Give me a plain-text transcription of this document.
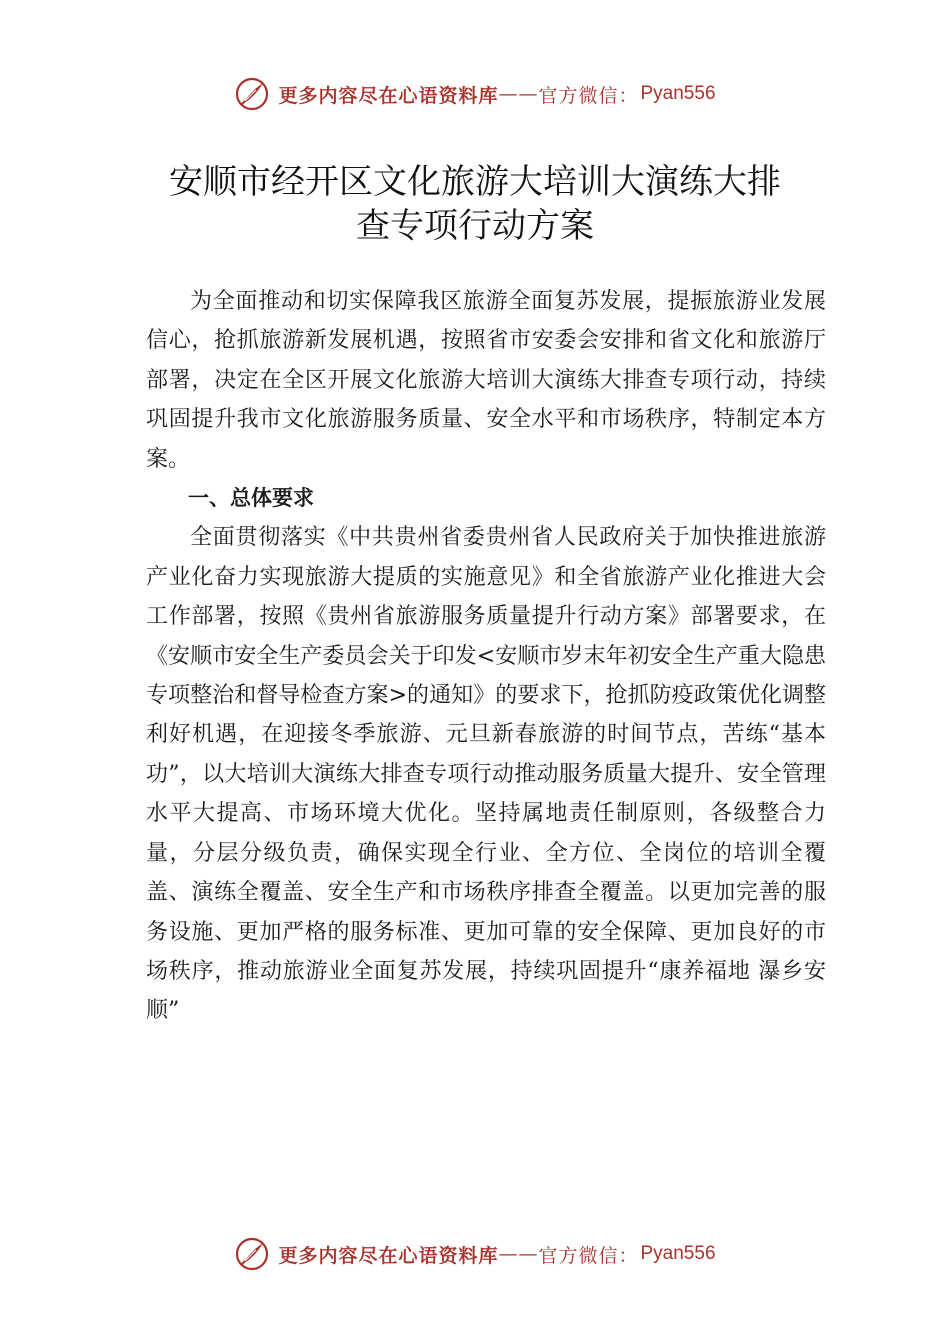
更多内容尽在心语资料库 —— 官方微信： Pyan556
安顺市经开区文化旅游大培训大演练大排
查专项行动方案

为全面推动和切实保障我区旅游全面复苏发展，提振旅游业发展信心，抢抓旅游新发展机遇，按照省市安委会安排和省文化和旅游厅部署，决定在全区开展文化旅游大培训大演练大排查专项行动，持续巩固提升我市文化旅游服务质量、安全水平和市场秩序，特制定本方案。

一、总体要求

全面贯彻落实《中共贵州省委贵州省人民政府关于加快推进旅游产业化奋力实现旅游大提质的实施意见》和全省旅游产业化推进大会工作部署，按照《贵州省旅游服务质量提升行动方案》部署要求，在《安顺市安全生产委员会关于印发<安顺市岁末年初安全生产重大隐患专项整治和督导检查方案>的通知》的要求下，抢抓防疫政策优化调整利好机遇，在迎接冬季旅游、元旦新春旅游的时间节点，苦练“基本功”，以大培训大演练大排查专项行动推动服务质量大提升、安全管理水平大提高、市场环境大优化。坚持属地责任制原则，各级整合力量，分层分级负责，确保实现全行业、全方位、全岗位的培训全覆盖、演练全覆盖、安全生产和市场秩序排查全覆盖。以更加完善的服务设施、更加严格的服务标准、更加可靠的安全保障、更加良好的市场秩序，推动旅游业全面复苏发展，持续巩固提升“康养福地 瀑乡安顺”

更多内容尽在心语资料库 —— 官方微信： Pyan556
